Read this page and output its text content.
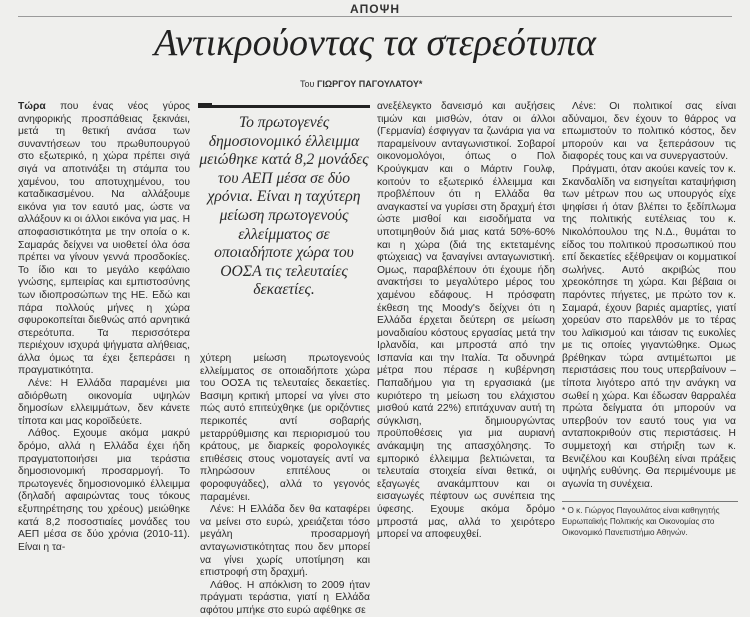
ΑΠΟΨΗ
Αντικρούοντας τα στερεότυπα
Του ΓΙΩΡΓΟΥ ΠΑΓΟΥΛΑΤΟΥ*

Τώρα που ένας νέος γύρος ανηφορικής προσπάθειας ξεκινάει, μετά τη θετική ανάσα των συναντήσεων του πρωθυπουργού στο εξωτερικό, η χώρα πρέπει σιγά σιγά να αποτινάξει τη στάμπα του χαμένου, του αποτυχημένου, του καταδικασμένου. Να αλλάξουμε εικόνα για τον εαυτό μας, ώστε να αλλάξουν κι οι άλλοι εικόνα για μας. Η αποφασιστικότητα με την οποία ο κ. Σαμαράς δείχνει να υιοθετεί όλα όσα πρέπει να γίνουν γεννά προσδοκίες. Το ίδιο και το μεγάλο κεφάλαιο γνώσης, εμπειρίας και εμπιστοσύνης των ιδιοπροσώπων της ΗΕ. Εδώ και πάρα πολλούς μήνες η χώρα σφυροκοπείται διεθνώς από αρνητικά στερεότυπα. Τα περισσότερα περιέχουν ισχυρά ψήγματα αλήθειας, άλλα όμως τα έχει ξεπεράσει η πραγματικότητα.

Λένε: Η Ελλάδα παραμένει μια αδιόρθωτη οικονομία υψηλών δημοσίων ελλειμμάτων, δεν κάνετε τίποτα και μας κοροϊδεύετε.

Λάθος. Εχουμε ακόμα μακρύ δρόμο, αλλά η Ελλάδα έχει ήδη πραγματοποιήσει μια τεράστια δημοσιονομική προσαρμογή. Το πρωτογενές δημοσιονομικό έλλειμμα (δηλαδή αφαιρώντας τους τόκους εξυπηρέτησης του χρέους) μειώθηκε κατά 8,2 ποσοστιαίες μονάδες του ΑΕΠ μέσα σε δύο χρόνια (2010-11). Είναι η τα-

Το πρωτογενές δημοσιονομικό έλλειμμα μειώθηκε κατά 8,2 μονάδες του ΑΕΠ μέσα σε δύο χρόνια. Είναι η ταχύτερη μείωση πρωτογενούς ελλείμματος σε οποιαδήποτε χώρα του ΟΟΣΑ τις τελευταίες δεκαετίες.

χύτερη μείωση πρωτογενούς ελλείμματος σε οποιαδήποτε χώρα του ΟΟΣΑ τις τελευταίες δεκαετίες. Βασιμη κριτική μπορεί να γίνει στο πώς αυτό επιτεύχθηκε (με οριζόντιες περικοπές αντί σοβαρής μεταρρύθμισης και περιορισμού του κράτους, με διαρκείς φορολογικές επιθέσεις στους νομοταγείς αντί να πληρώσουν επιτέλους οι φοροφυγάδες), αλλά το γεγονός παραμένει.

Λένε: Η Ελλάδα δεν θα καταφέρει να μείνει στο ευρώ, χρειάζεται τόσο μεγάλη προσαρμογή ανταγωνιστικότητας που δεν μπορεί να γίνει χωρίς υποτίμηση και επιστροφή στη δραχμή.

Λάθος. Η απόκλιση το 2009 ήταν πράγματι τεράστια, γιατί η Ελλάδα αφότου μπήκε στο ευρώ αφέθηκε σε

ανεξέλεγκτο δανεισμό και αυξήσεις τιμών και μισθών, όταν οι άλλοι (Γερμανία) έσφιγγαν τα ζωνάρια για να παραμείνουν ανταγωνιστικοί. Σοβαροί οικονομολόγοι, όπως ο Πολ Κρούγκμαν και ο Μάρτιν Γουλφ, κοιτούν το εξωτερικό έλλειμμα και προβλέπουν ότι η Ελλάδα θα αναγκαστεί να γυρίσει στη δραχμή έτσι ώστε μισθοί και εισοδήματα να υποτιμηθούν διά μιας κατά 50%-60% και η χώρα (διά της εκτεταμένης φτώχειας) να ξαναγίνει ανταγωνιστική. Ομως, παραβλέπουν ότι έχουμε ήδη ανακτήσει το μεγαλύτερο μέρος του χαμένου εδάφους. Η πρόσφατη έκθεση της Moody's δείχνει ότι η Ελλάδα έρχεται δεύτερη σε μείωση μοναδιαίου κόστους εργασίας μετά την Ιρλανδία, και μπροστά από την Ισπανία και την Ιταλία. Τα οδυνηρά μέτρα που πέρασε η κυβέρνηση Παπαδήμου για τη εργασιακά (με κυριότερο τη μείωση του ελάχιστου μισθού κατά 22%) επιτάχυναν αυτή τη σύγκλιση, δημιουργώντας προϋποθέσεις για μια αυριανή ανάκαμψη της απασχόλησης. Το εμπορικό έλλειμμα βελτιώνεται, τα τελευταία στοιχεία είναι θετικά, οι εξαγωγές ανακάμπτουν και οι εισαγωγές πέφτουν ως συνέπεια της ύφεσης. Εχουμε ακόμα δρόμο μπροστά μας, αλλά το χειρότερο μπορεί να αποφευχθεί.

Λένε: Οι πολιτικοί σας είναι αδύναμοι, δεν έχουν το θάρρος να επωμιστούν το πολιτικό κόστος, δεν μπορούν και να ξεπεράσουν τις διαφορές τους και να συνεργαστούν.

Πράγματι, όταν ακούει κανείς τον κ. Σκανδαλίδη να εισηγείται καταψήφιση των μέτρων που ως υπουργός είχε ψηφίσει ή όταν βλέπει το ξεδίπλωμα της πολιτικής ευτέλειας του κ. Νικολόπουλου της Ν.Δ., θυμάται το είδος του πολιτικού προσωπικού που επί δεκαετίες εξέθρεψαν οι κομματικοί σωλήνες. Αυτό ακριβώς που χρεοκόπησε τη χώρα. Και βέβαια οι παρόντες πήγετες, με πρώτο τον κ. Σαμαρά, έχουν βαριές αμαρτίες, γιατί χορεύαν στο παρελθόν με το τέρας του λαϊκισμού και τάισαν τις ευκολίες με τις οποίες γιγαντώθηκε. Ομως βρέθηκαν τώρα αντιμέτωποι με περιστάσεις που τους υπερβαίνουν – τίποτα λιγότερο από την ανάγκη να σωθεί η χώρα. Και έδωσαν θαρραλέα πρώτα δείγματα ότι μπορούν να υπερβούν τον εαυτό τους για να ανταποκριθούν στις περιστάσεις. Η συμμετοχή και στήριξη των κ. Βενιζέλου και Κουβέλη είναι πράξεις υψηλής ευθύνης. Θα περιμένουμε με αγωνία τη συνέχεια.

* Ο κ. Γιώργος Παγουλάτος είναι καθηγητής Ευρωπαϊκής Πολιτικής και Οικονομίας στο Οικονομικό Πανεπιστήμιο Αθηνών.
